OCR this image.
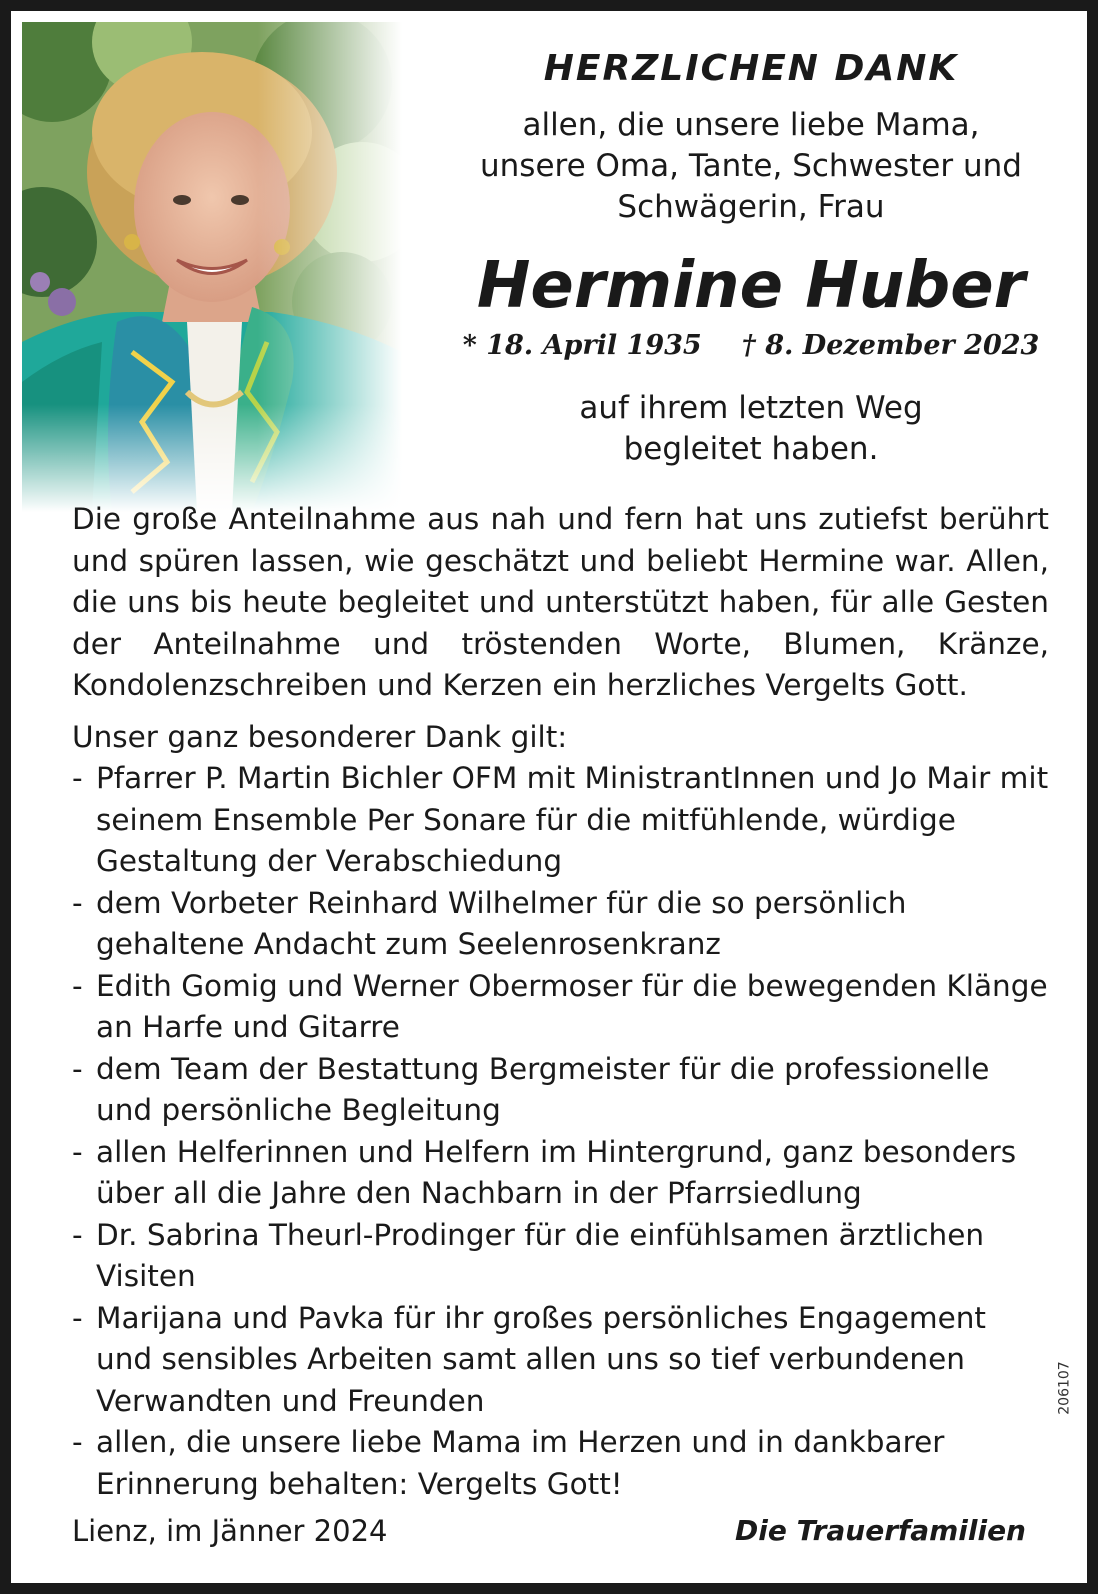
HERZLICHEN DANK
allen, die unsere liebe Mama,
unsere Oma, Tante, Schwester und
Schwägerin, Frau
Hermine Huber
* 18. April 1935 † 8. Dezember 2023
auf ihrem letzten Weg
begleitet haben.

Die große Anteilnahme aus nah und fern hat uns zutiefst berührt und spüren lassen, wie geschätzt und beliebt Hermine war. Allen, die uns bis heute begleitet und unterstützt haben, für alle Gesten der Anteilnahme und tröstenden Worte, Blumen, Kränze, Kondolenzschreiben und Kerzen ein herzliches Vergelts Gott.

Unser ganz besonderer Dank gilt:

- Pfarrer P. Martin Bichler OFM mit MinistrantInnen und Jo Mair mit seinem Ensemble Per Sonare für die mitfühlende, würdige Gestaltung der Verabschiedung
- dem Vorbeter Reinhard Wilhelmer für die so persönlich gehaltene Andacht zum Seelenrosenkranz
- Edith Gomig und Werner Obermoser für die bewegenden Klänge an Harfe und Gitarre
- dem Team der Bestattung Bergmeister für die professionelle und persönliche Begleitung
- allen Helferinnen und Helfern im Hintergrund, ganz besonders über all die Jahre den Nachbarn in der Pfarrsiedlung
- Dr. Sabrina Theurl-Prodinger für die einfühlsamen ärztlichen Visiten
- Marijana und Pavka für ihr großes persönliches Engagement und sensibles Arbeiten samt allen uns so tief verbundenen Verwandten und Freunden
- allen, die unsere liebe Mama im Herzen und in dankbarer Erinnerung behalten: Vergelts Gott!
Lienz, im Jänner 2024	Die Trauerfamilien
206107
